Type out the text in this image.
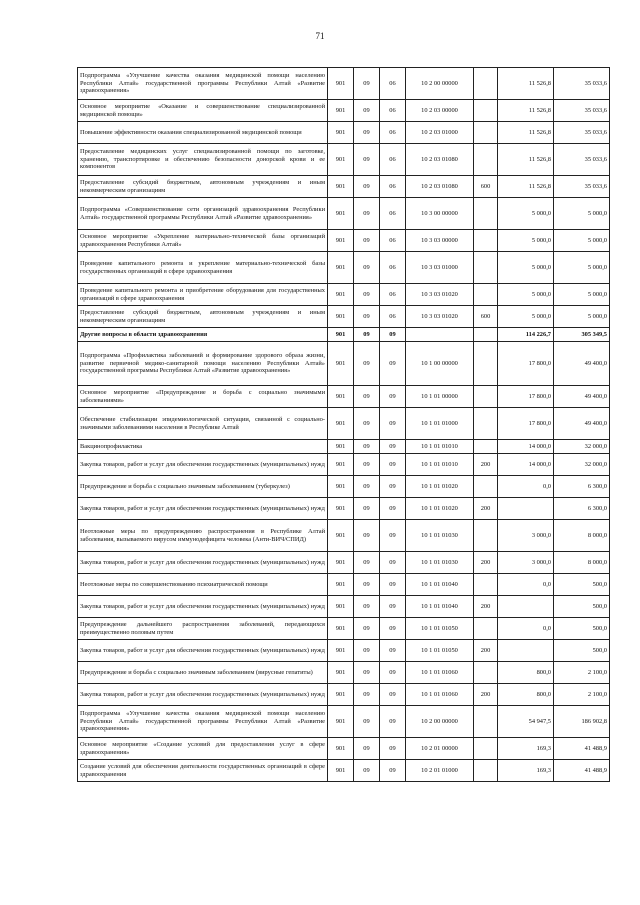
71
Подпрограмма «Улучшение качества оказания медицинской помощи населению Республики Алтай» государственной программы Республики Алтай «Развитие здравоохранения»	901	09	06	10 2 00 00000		11 526,8	35 033,6
Основное мероприятие «Оказание и совершенствование специализированной медицинской помощи»	901	09	06	10 2 03 00000		11 526,8	35 033,6
Повышение эффективности оказания специализированной медицинской помощи	901	09	06	10 2 03 01000		11 526,8	35 033,6
Предоставление медицинских услуг специализированной помощи по заготовке, хранению, транспортировке и обеспечению безопасности донорской крови и ее компонентов	901	09	06	10 2 03 01080		11 526,8	35 033,6
Предоставление субсидий бюджетным, автономным учреждениям и иным некоммерческим организациям	901	09	06	10 2 03 01080	600	11 526,8	35 033,6
Подпрограмма «Совершенствование сети организаций здравоохранения Республики Алтай» государственной программы Республики Алтай «Развитие здравоохранения»	901	09	06	10 3 00 00000		5 000,0	5 000,0
Основное мероприятие «Укрепление материально-технической базы организаций здравоохранения Республики Алтай»	901	09	06	10 3 03 00000		5 000,0	5 000,0
Проведение капитального ремонта и укрепление материально-технической базы государственных организаций в сфере здравоохранения	901	09	06	10 3 03 01000		5 000,0	5 000,0
Проведение капитального ремонта и приобретение оборудования для государственных организаций в сфере здравоохранения	901	09	06	10 3 03 01020		5 000,0	5 000,0
Предоставление субсидий бюджетным, автономным учреждениям и иным некоммерческим организациям	901	09	06	10 3 03 01020	600	5 000,0	5 000,0
Другие вопросы в области здравоохранения	901	09	09			114 226,7	305 349,5
Подпрограмма «Профилактика заболеваний и формирование здорового образа жизни, развитие первичной медико-санитарной помощи населению Республики Алтай» государственной программы Республики Алтай «Развитие здравоохранения»	901	09	09	10 1 00 00000		17 800,0	49 400,0
Основное мероприятие «Предупреждение и борьба с социально значимыми заболеваниями»	901	09	09	10 1 01 00000		17 800,0	49 400,0
Обеспечение стабилизации эпидемиологической ситуации, связанной с социально-значимыми заболеваниями населения в Республике Алтай	901	09	09	10 1 01 01000		17 800,0	49 400,0
Вакцинопрофилактика	901	09	09	10 1 01 01010		14 000,0	32 000,0
Закупка товаров, работ и услуг для обеспечения государственных (муниципальных) нужд	901	09	09	10 1 01 01010	200	14 000,0	32 000,0
Предупреждение и борьба с социально значимым заболеванием (туберкулез)	901	09	09	10 1 01 01020		0,0	6 300,0
Закупка товаров, работ и услуг для обеспечения государственных (муниципальных) нужд	901	09	09	10 1 01 01020	200		6 300,0
Неотложные меры по предупреждению распространения в Республике Алтай заболевания, вызываемого вирусом иммунодефицита человека (Анти-ВИЧ/СПИД)	901	09	09	10 1 01 01030		3 000,0	8 000,0
Закупка товаров, работ и услуг для обеспечения государственных (муниципальных) нужд	901	09	09	10 1 01 01030	200	3 000,0	8 000,0
Неотложные меры по совершенствованию психиатрической помощи	901	09	09	10 1 01 01040		0,0	500,0
Закупка товаров, работ и услуг для обеспечения государственных (муниципальных) нужд	901	09	09	10 1 01 01040	200		500,0
Предупреждение дальнейшего распространения заболеваний, передающихся преимущественно половым путем	901	09	09	10 1 01 01050		0,0	500,0
Закупка товаров, работ и услуг для обеспечения государственных (муниципальных) нужд	901	09	09	10 1 01 01050	200		500,0
Предупреждение и борьба с социально значимым заболеванием (вирусные гепатиты)	901	09	09	10 1 01 01060		800,0	2 100,0
Закупка товаров, работ и услуг для обеспечения государственных (муниципальных) нужд	901	09	09	10 1 01 01060	200	800,0	2 100,0
Подпрограмма «Улучшение качества оказания медицинской помощи населению Республики Алтай» государственной программы Республики Алтай «Развитие здравоохранения»	901	09	09	10 2 00 00000		54 947,5	186 902,8
Основное мероприятие «Создание условий для предоставления услуг в сфере здравоохранения»	901	09	09	10 2 01 00000		169,3	41 488,9
Создание условий для обеспечения деятельности государственных организаций в сфере здравоохранения	901	09	09	10 2 01 01000		169,3	41 488,9
